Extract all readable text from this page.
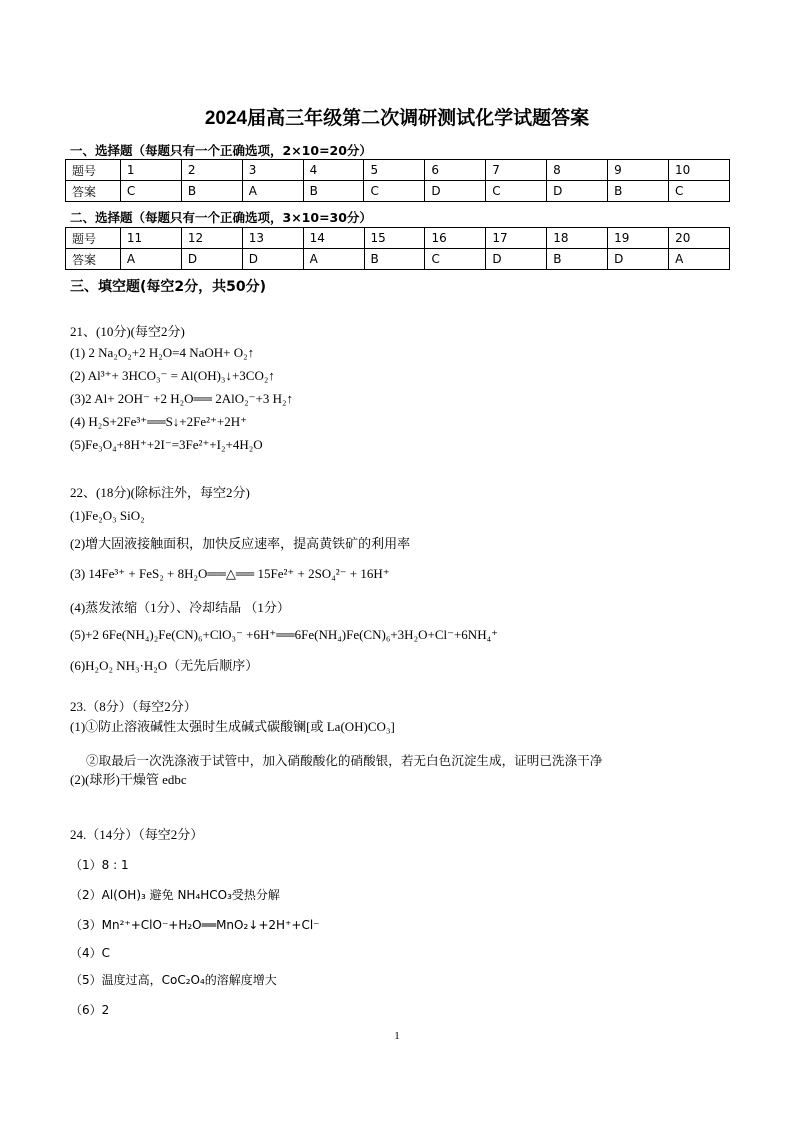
2024届高三年级第二次调研测试化学试题答案
一、选择题（每题只有一个正确选项，2×10=20分）
题号	1	2	3	4	5	6	7	8	9	10
答案	C	B	A	B	C	D	C	D	B	C
二、选择题（每题只有一个正确选项，3×10=30分）
题号	11	12	13	14	15	16	17	18	19	20
答案	A	D	D	A	B	C	D	B	D	A
三、填空题(每空2分，共50分)
21、(10分)(每空2分)
(1) 2 Na₂O₂+2 H₂O=4 NaOH+ O₂↑
(2) Al³⁺+ 3HCO₃⁻ = Al(OH)₃↓+3CO₂↑
(3)2 Al+ 2OH⁻ +2 H₂O══ 2AlO₂⁻+3 H₂↑
(4) H₂S+2Fe³⁺══S↓+2Fe²⁺+2H⁺
(5)Fe₃O₄+8H⁺+2I⁻=3Fe²⁺+I₂+4H₂O
22、(18分)(除标注外，每空2分)
(1)Fe₂O₃ SiO₂
(2)增大固液接触面积，加快反应速率，提高黄铁矿的利用率
(3) 14Fe³⁺ + FeS₂ + 8H₂O══△══ 15Fe²⁺ + 2SO₄²⁻ + 16H⁺
(4)蒸发浓缩（1分）、冷却结晶 （1分）
(5)+2 6Fe(NH₄)₂Fe(CN)₆+ClO₃⁻ +6H⁺══6Fe(NH₄)Fe(CN)₆+3H₂O+Cl⁻+6NH₄⁺
(6)H₂O₂ NH₃·H₂O（无先后顺序）
23.（8分）（每空2分）
(1)①防止溶液碱性太强时生成碱式碳酸镧[或 La(OH)CO₃]
②取最后一次洗涤液于试管中，加入硝酸酸化的硝酸银，若无白色沉淀生成，证明已洗涤干净
(2)(球形)干燥管 edbc
24.（14分）（每空2分）
（1）8 : 1
（2）Al(OH)₃ 避免 NH₄HCO₃受热分解
（3）Mn²⁺+ClO⁻+H₂O══MnO₂↓+2H⁺+Cl⁻
（4）C
（5）温度过高，CoC₂O₄的溶解度增大
（6）2
1
